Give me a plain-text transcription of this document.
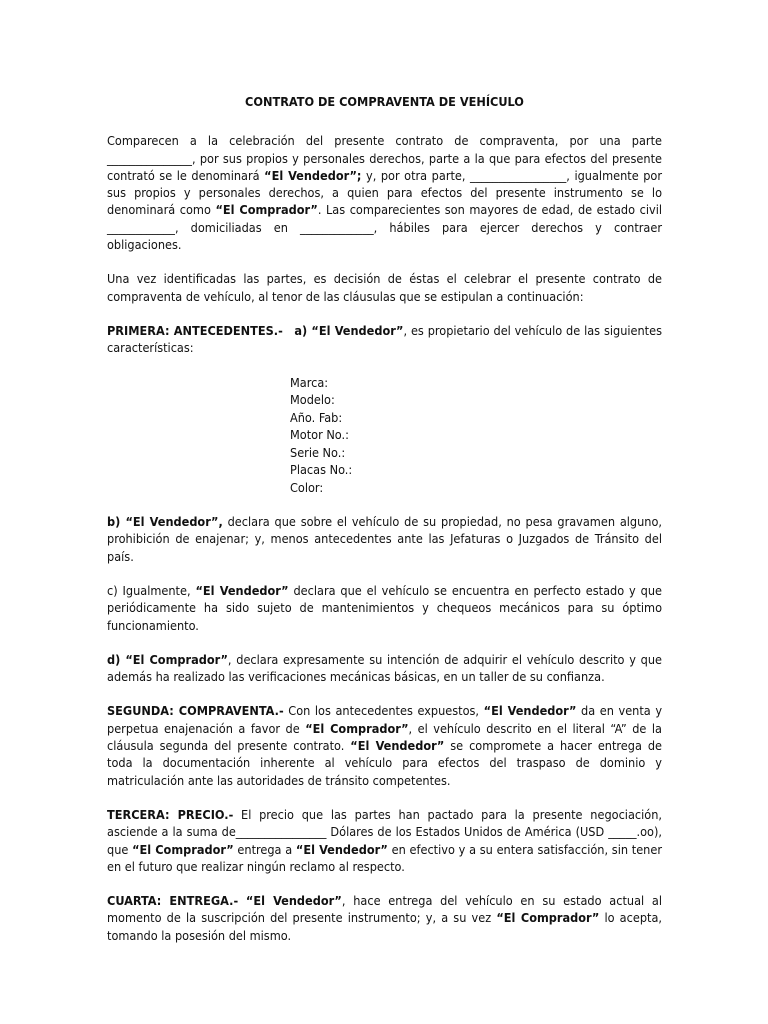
CONTRATO DE COMPRAVENTA DE VEHÍCULO

Comparecen a la celebración del presente contrato de compraventa, por una parte _______________, por sus propios y personales derechos, parte a la que para efectos del presente contrató se le denominará “El Vendedor”; y, por otra parte, _________________, igualmente por sus propios y personales derechos, a quien para efectos del presente instrumento se lo denominará como “El Comprador”. Las comparecientes son mayores de edad, de estado civil ____________, domiciliadas en _____________, hábiles para ejercer derechos y contraer obligaciones.

Una vez identificadas las partes, es decisión de éstas el celebrar el presente contrato de compraventa de vehículo, al tenor de las cláusulas que se estipulan a continuación:

PRIMERA: ANTECEDENTES.- a) “El Vendedor”, es propietario del vehículo de las siguientes características:

Marca:
Modelo:
Año. Fab:
Motor No.:
Serie No.:
Placas No.:
Color:

b) “El Vendedor”, declara que sobre el vehículo de su propiedad, no pesa gravamen alguno, prohibición de enajenar; y, menos antecedentes ante las Jefaturas o Juzgados de Tránsito del país.

c) Igualmente, “El Vendedor” declara que el vehículo se encuentra en perfecto estado y que periódicamente ha sido sujeto de mantenimientos y chequeos mecánicos para su óptimo funcionamiento.

d) “El Comprador”, declara expresamente su intención de adquirir el vehículo descrito y que además ha realizado las verificaciones mecánicas básicas, en un taller de su confianza.

SEGUNDA: COMPRAVENTA.- Con los antecedentes expuestos, “El Vendedor” da en venta y perpetua enajenación a favor de “El Comprador”, el vehículo descrito en el literal “A” de la cláusula segunda del presente contrato. “El Vendedor” se compromete a hacer entrega de toda la documentación inherente al vehículo para efectos del traspaso de dominio y matriculación ante las autoridades de tránsito competentes.

TERCERA: PRECIO.- El precio que las partes han pactado para la presente negociación, asciende a la suma de________________ Dólares de los Estados Unidos de América (USD _____.oo), que “El Comprador” entrega a “El Vendedor” en efectivo y a su entera satisfacción, sin tener en el futuro que realizar ningún reclamo al respecto.

CUARTA: ENTREGA.- “El Vendedor”, hace entrega del vehículo en su estado actual al momento de la suscripción del presente instrumento; y, a su vez “El Comprador” lo acepta, tomando la posesión del mismo.
